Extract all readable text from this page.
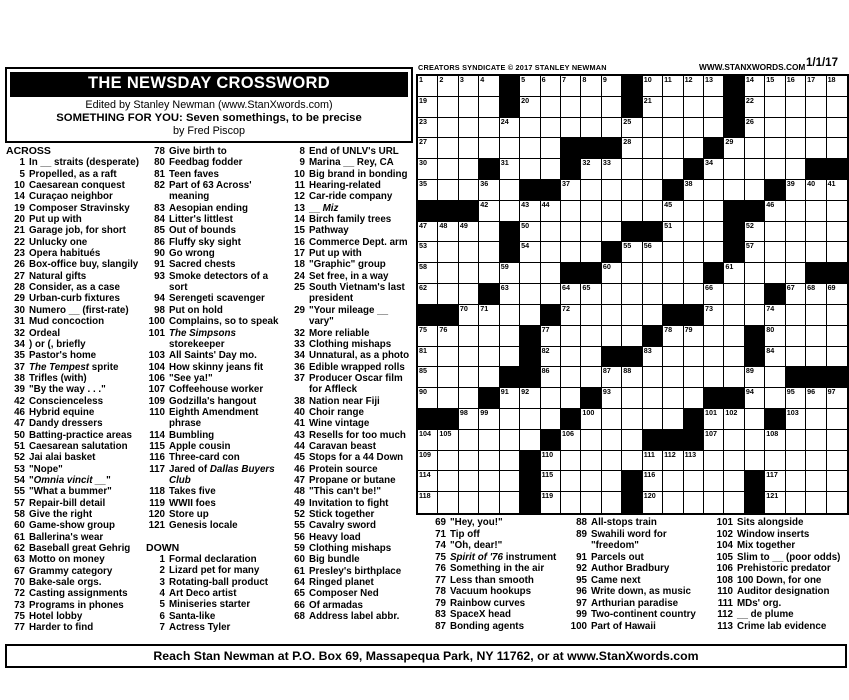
THE NEWSDAY CROSSWORD
Edited by Stanley Newman (www.StanXwords.com)
SOMETHING FOR YOU: Seven somethings, to be precise
by Fred Piscop
CREATORS SYNDICATE © 2017 STANLEY NEWMAN	WWW.STANXWORDS.COM 1/1/17
1 2 3 4	5 6 7 8 9	10 11 12 13	14 15 16 17 18
19	20	21	22
23	24	25	26
27	28	29
30	31	32 33	34
35	36	37	38	39 40 41
42	43 44	45	46
47 48 49	50	51	52
53	54	55 56	57
58	59	60	61
62	63	64 65	66	67 68 69
70 71	72	73	74
75 76	77	78 79	80
81	82	83	84
85	86	87 88	89
90	91 92	93	94	95 96 97
98 99	100	101 102	103
104 105	106	107	108
109	110	111 112 113
114	115	116	117
118	119	120	121
ACROSS
1 In __ straits (desperate)
5 Propelled, as a raft
10 Caesarean conquest
14 Curaçao neighbor
19 Composer Stravinsky
20 Put up with
21 Garage job, for short
22 Unlucky one
23 Opera habitués
26 Box-office buy, slangily
27 Natural gifts
28 Consider, as a case
29 Urban-curb fixtures
30 Numero __ (first-rate)
31 Mud concoction
32 Ordeal
34 ) or (, briefly
35 Pastor's home
37 The Tempest sprite
38 Trifles (with)
39 "By the way . . ."
42 Conscienceless
46 Hybrid equine
47 Dandy dressers
50 Batting-practice areas
51 Caesarean salutation
52 Jai alai basket
53 "Nope"
54 "Omnia vincit __"
55 "What a bummer"
57 Repair-bill detail
58 Give the right
60 Game-show group
61 Ballerina's wear
62 Baseball great Gehrig
63 Motto on money
67 Grammy category
70 Bake-sale orgs.
72 Casting assignments
73 Programs in phones
75 Hotel lobby
77 Harder to find
78 Give birth to
80 Feedbag fodder
81 Teen faves
82 Part of 63 Across' meaning
83 Aesopian ending
84 Litter's littlest
85 Out of bounds
86 Fluffy sky sight
90 Go wrong
91 Sacred chests
93 Smoke detectors of a sort
94 Serengeti scavenger
98 Put on hold
100 Complains, so to speak
101 The Simpsons storekeeper
103 All Saints' Day mo.
104 How skinny jeans fit
106 "See ya!"
107 Coffeehouse worker
109 Godzilla's hangout
110 Eighth Amendment phrase
114 Bumbling
115 Apple cousin
116 Three-card con
117 Jared of Dallas Buyers Club
118 Takes five
119 WWII foes
120 Store up
121 Genesis locale
DOWN
1 Formal declaration
2 Lizard pet for many
3 Rotating-ball product
4 Art Deco artist
5 Miniseries starter
6 Santa-like
7 Actress Tyler
8 End of UNLV's URL
9 Marina __ Rey, CA
10 Big brand in bonding
11 Hearing-related
12 Car-ride company
13 __ Miz
14 Birch family trees
15 Pathway
16 Commerce Dept. arm
17 Put up with
18 "Graphic" group
24 Set free, in a way
25 South Vietnam's last president
29 "Your mileage __ vary"
32 More reliable
33 Clothing mishaps
34 Unnatural, as a photo
36 Edible wrapped rolls
37 Producer Oscar film for Affleck
38 Nation near Fiji
40 Choir range
41 Wine vintage
43 Resells for too much
44 Caravan beast
45 Stops for a 44 Down
46 Protein source
47 Propane or butane
48 "This can't be!"
49 Invitation to fight
52 Stick together
55 Cavalry sword
56 Heavy load
59 Clothing mishaps
60 Big bundle
61 Presley's birthplace
64 Ringed planet
65 Composer Ned
66 Of armadas
68 Address label abbr.
69 "Hey, you!"
71 Tip off
74 "Oh, dear!"
75 Spirit of '76 instrument
76 Something in the air
77 Less than smooth
78 Vacuum hookups
79 Rainbow curves
83 SpaceX head
87 Bonding agents
88 All-stops train
89 Swahili word for "freedom"
91 Parcels out
92 Author Bradbury
95 Came next
96 Write down, as music
97 Arthurian paradise
99 Two-continent country
100 Part of Hawaii
101 Sits alongside
102 Window inserts
104 Mix together
105 Slim to __ (poor odds)
106 Prehistoric predator
108 100 Down, for one
110 Auditor designation
111 MDs' org.
112 __ de plume
113 Crime lab evidence
Reach Stan Newman at P.O. Box 69, Massapequa Park, NY 11762, or at www.StanXwords.com
